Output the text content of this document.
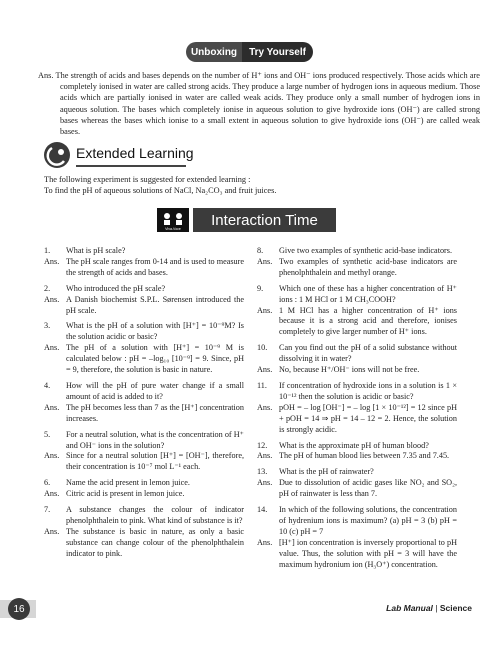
Unboxing	Try Yourself
Ans. The strength of acids and bases depends on the number of H⁺ ions and OH⁻ ions produced respectively. Those acids which are completely ionised in water are called strong acids. They produce a large number of hydrogen ions in aqueous medium. Those acids which are partially ionised in water are called weak acids. They produce only a small number of hydrogen ions in aqueous solution. The bases which completely ionise in aqueous solution to give hydroxide ions (OH⁻) are called strong bases whereas the bases which ionise to a small extent in aqueous solution to give hydroxide ions (OH⁻) are called weak bases.
Extended Learning
The following experiment is suggested for extended learning :
To find the pH of aqueous solutions of NaCl, Na₂CO₃ and fruit juices.
Viva-Voce
Interaction Time
1.	What is pH scale?
Ans. The pH scale ranges from 0-14 and is used to measure the strength of acids and bases.
2.	Who introduced the pH scale?
Ans. A Danish biochemist S.P.L. Sørensen introduced the pH scale.
3.	What is the pH of a solution with [H⁺] = 10⁻⁹M? Is the solution acidic or basic?
Ans. The pH of a solution with [H⁺] = 10⁻⁹ M is calculated below : pH = –log₁₀ [10⁻⁹] = 9. Since, pH = 9, therefore, the solution is basic in nature.
4.	How will the pH of pure water change if a small amount of acid is added to it?
Ans. The pH becomes less than 7 as the [H⁺] concentration increases.
5.	For a neutral solution, what is the concentration of H⁺ and OH⁻ ions in the solution?
Ans. Since for a neutral solution [H⁺] = [OH⁻], therefore, their concentration is 10⁻⁷ mol L⁻¹ each.
6.	Name the acid present in lemon juice.
Ans. Citric acid is present in lemon juice.
7.	A substance changes the colour of indicator phenolphthalein to pink. What kind of substance is it?
Ans. The substance is basic in nature, as only a basic substance can change colour of the phenolphthalein indicator to pink.
8.	Give two examples of synthetic acid-base indicators.
Ans. Two examples of synthetic acid-base indicators are phenolphthalein and methyl orange.
9.	Which one of these has a higher concentration of H⁺ ions : 1 M HCl or 1 M CH₃COOH?
Ans. 1 M HCl has a higher concentration of H⁺ ions because it is a strong acid and therefore, ionises completely to give larger number of H⁺ ions.
10.	Can you find out the pH of a solid substance without dissolving it in water?
Ans. No, because H⁺/OH⁻ ions will not be free.
11.	If concentration of hydroxide ions in a solution is 1 × 10⁻¹² then the solution is acidic or basic?
Ans. pOH = – log [OH⁻] = – log [1 × 10⁻¹²] = 12 since pH + pOH = 14 ⇒ pH = 14 – 12 = 2. Hence, the solution is strongly acidic.
12.	What is the approximate pH of human blood?
Ans. The pH of human blood lies between 7.35 and 7.45.
13.	What is the pH of rainwater?
Ans. Due to dissolution of acidic gases like NO₂ and SO₂, pH of rainwater is less than 7.
14.	In which of the following solutions, the concentration of hydrenium ions is maximum? (a) pH = 3 (b) pH = 10 (c) pH = 7
Ans. [H⁺] ion concentration is inversely proportional to pH value. Thus, the solution with pH = 3 will have the maximum hydronium ion (H₃O⁺) concentration.
16	Lab Manual | Science
